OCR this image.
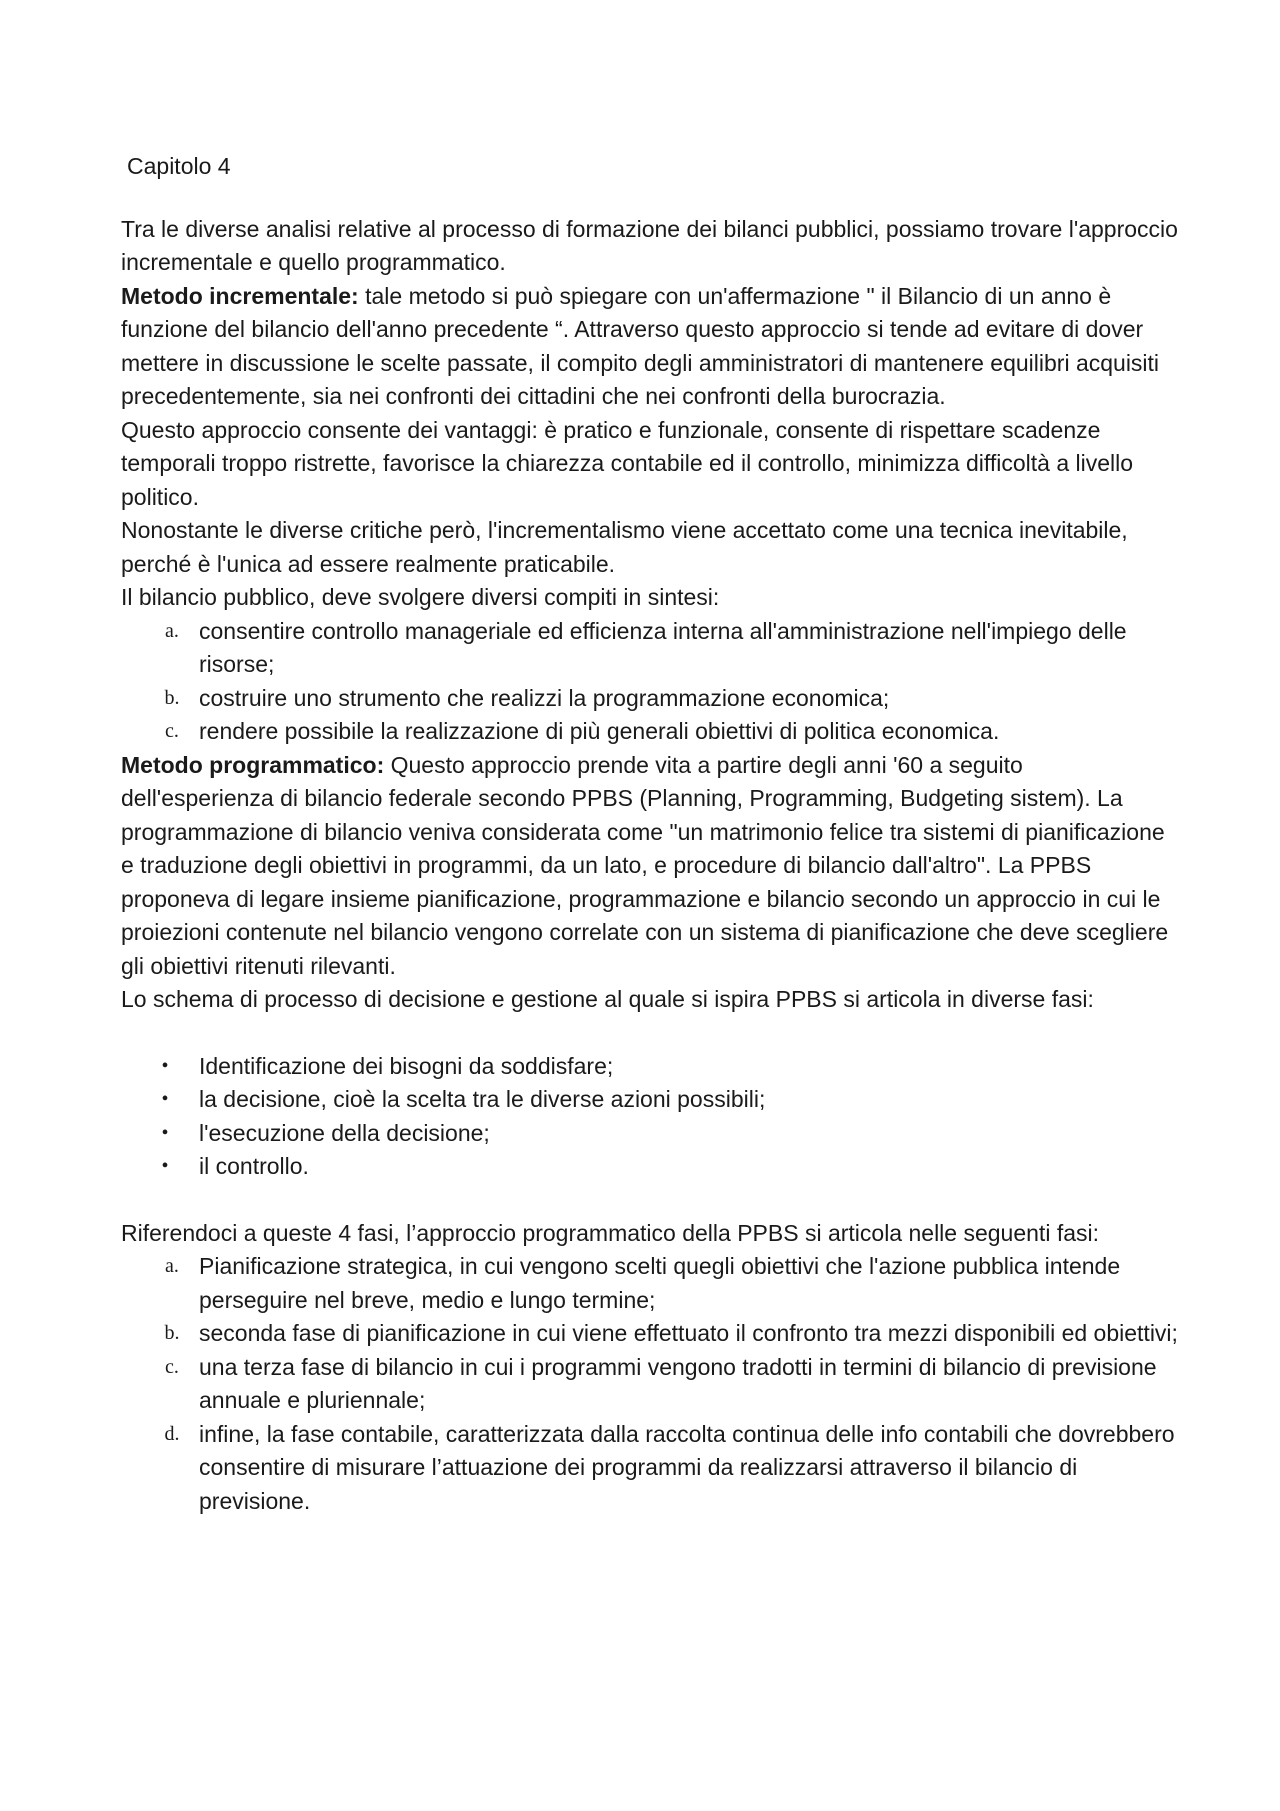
Capitolo 4

Tra le diverse analisi relative al processo di formazione dei bilanci pubblici, possiamo trovare l'approccio incrementale e quello programmatico.

Metodo incrementale: tale metodo si può spiegare con un'affermazione " il Bilancio di un anno è funzione del bilancio dell'anno precedente “. Attraverso questo approccio si tende ad evitare di dover mettere in discussione le scelte passate, il compito degli amministratori di mantenere equilibri acquisiti precedentemente, sia nei confronti dei cittadini che nei confronti della burocrazia.

Questo approccio consente dei vantaggi: è pratico e funzionale, consente di rispettare scadenze temporali troppo ristrette, favorisce la chiarezza contabile ed il controllo, minimizza difficoltà a livello politico.

Nonostante le diverse critiche però, l'incrementalismo viene accettato come una tecnica inevitabile, perché è l'unica ad essere realmente praticabile.

Il bilancio pubblico, deve svolgere diversi compiti in sintesi:

a. consentire controllo manageriale ed efficienza interna all'amministrazione nell'impiego delle risorse;
b. costruire uno strumento che realizzi la programmazione economica;
c. rendere possibile la realizzazione di più generali obiettivi di politica economica.

Metodo programmatico: Questo approccio prende vita a partire degli anni '60 a seguito dell'esperienza di bilancio federale secondo PPBS (Planning, Programming, Budgeting sistem). La programmazione di bilancio veniva considerata come "un matrimonio felice tra sistemi di pianificazione e traduzione degli obiettivi in programmi, da un lato, e procedure di bilancio dall'altro". La PPBS proponeva di legare insieme pianificazione, programmazione e bilancio secondo un approccio in cui le proiezioni contenute nel bilancio vengono correlate con un sistema di pianificazione che deve scegliere gli obiettivi ritenuti rilevanti.

Lo schema di processo di decisione e gestione al quale si ispira PPBS si articola in diverse fasi:

• Identificazione dei bisogni da soddisfare;
• la decisione, cioè la scelta tra le diverse azioni possibili;
• l'esecuzione della decisione;
• il controllo.

Riferendoci a queste 4 fasi, l’approccio programmatico della PPBS si articola nelle seguenti fasi:

a. Pianificazione strategica, in cui vengono scelti quegli obiettivi che l'azione pubblica intende perseguire nel breve, medio e lungo termine;
b. seconda fase di pianificazione in cui viene effettuato il confronto tra mezzi disponibili ed obiettivi;
c. una terza fase di bilancio in cui i programmi vengono tradotti in termini di bilancio di previsione annuale e pluriennale;
d. infine, la fase contabile, caratterizzata dalla raccolta continua delle info contabili che dovrebbero consentire di misurare l’attuazione dei programmi da realizzarsi attraverso il bilancio di previsione.
